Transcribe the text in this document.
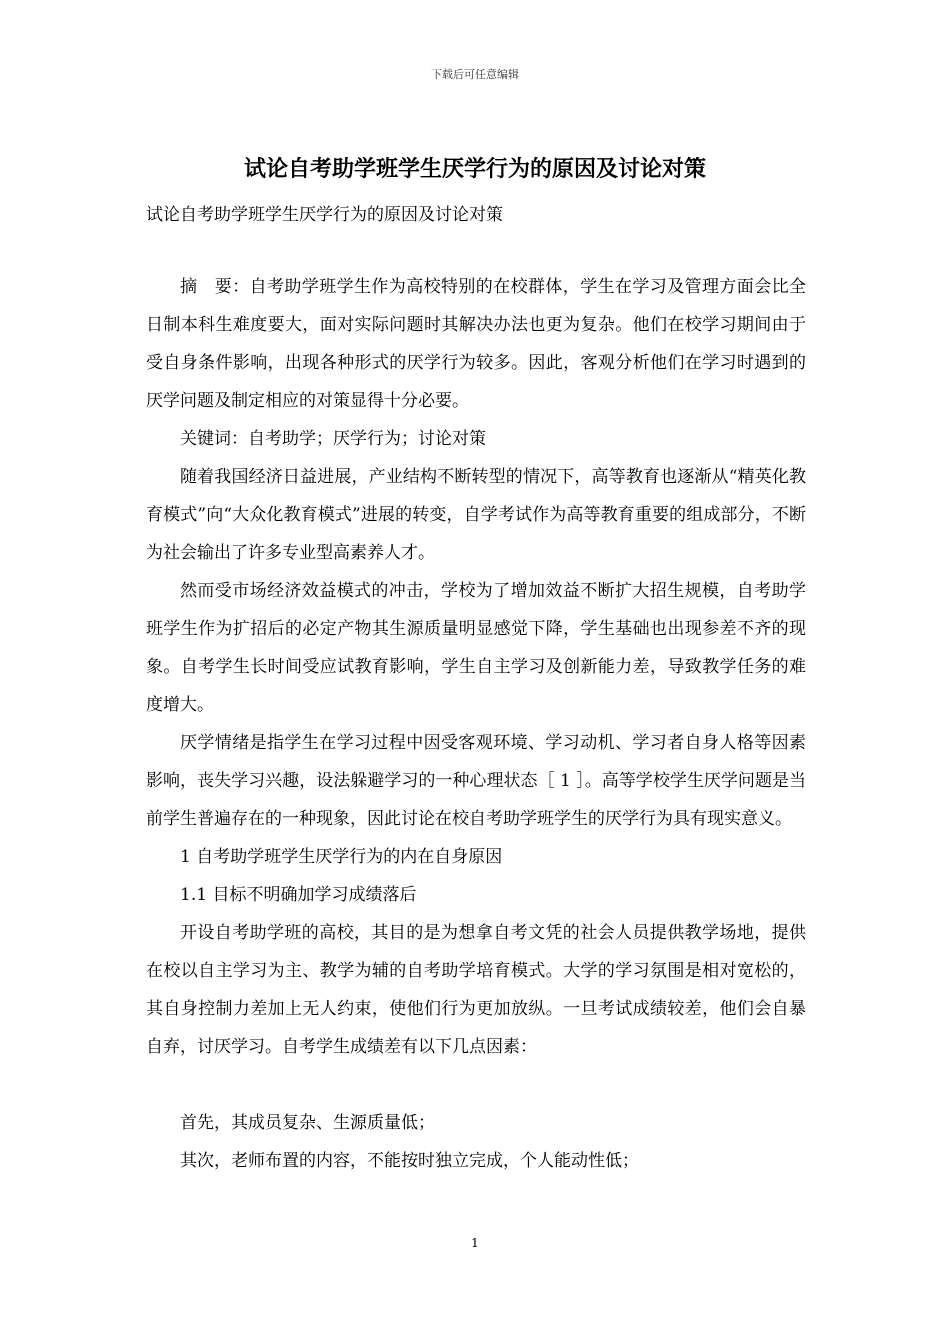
下载后可任意编辑
试论自考助学班学生厌学行为的原因及讨论对策

试论自考助学班学生厌学行为的原因及讨论对策

摘　要：自考助学班学生作为高校特别的在校群体，学生在学习及管理方面会比全日制本科生难度要大，面对实际问题时其解决办法也更为复杂。他们在校学习期间由于受自身条件影响，出现各种形式的厌学行为较多。因此，客观分析他们在学习时遇到的厌学问题及制定相应的对策显得十分必要。

关键词：自考助学；厌学行为；讨论对策

随着我国经济日益进展，产业结构不断转型的情况下，高等教育也逐渐从“精英化教育模式”向“大众化教育模式”进展的转变，自学考试作为高等教育重要的组成部分，不断为社会输出了许多专业型高素养人才。

然而受市场经济效益模式的冲击，学校为了增加效益不断扩大招生规模，自考助学班学生作为扩招后的必定产物其生源质量明显感觉下降，学生基础也出现参差不齐的现象。自考学生长时间受应试教育影响，学生自主学习及创新能力差，导致教学任务的难度增大。

厌学情绪是指学生在学习过程中因受客观环境、学习动机、学习者自身人格等因素影响，丧失学习兴趣，设法躲避学习的一种心理状态［ 1 ］。高等学校学生厌学问题是当前学生普遍存在的一种现象，因此讨论在校自考助学班学生的厌学行为具有现实意义。

1 自考助学班学生厌学行为的内在自身原因

1.1 目标不明确加学习成绩落后

开设自考助学班的高校，其目的是为想拿自考文凭的社会人员提供教学场地，提供在校以自主学习为主、教学为辅的自考助学培育模式。大学的学习氛围是相对宽松的，其自身控制力差加上无人约束，使他们行为更加放纵。一旦考试成绩较差，他们会自暴自弃，讨厌学习。自考学生成绩差有以下几点因素：

首先，其成员复杂、生源质量低；

其次，老师布置的内容，不能按时独立完成，个人能动性低；

1
